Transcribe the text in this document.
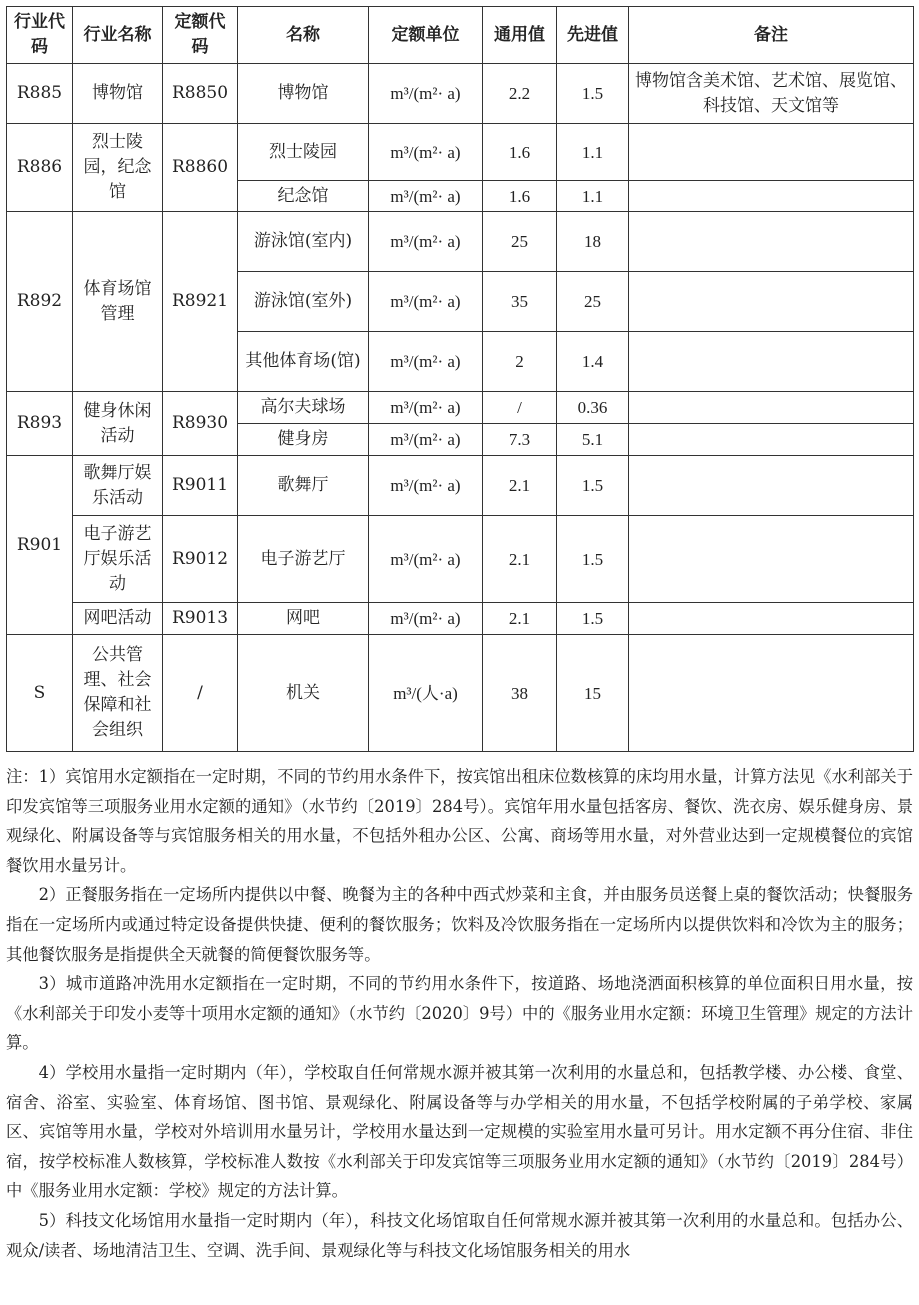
行业代码	行业名称	定额代码	名称	定额单位	通用值	先进值	备注
R885	博物馆	R8850	博物馆	m³/(m²· a)	2.2	1.5	博物馆含美术馆、艺术馆、展览馆、科技馆、天文馆等
R886	烈士陵园，纪念馆	R8860	烈士陵园	m³/(m²· a)	1.6	1.1	
			纪念馆	m³/(m²· a)	1.6	1.1	
R892	体育场馆管理	R8921	游泳馆(室内)	m³/(m²· a)	25	18	
			游泳馆(室外)	m³/(m²· a)	35	25	
			其他体育场(馆)	m³/(m²· a)	2	1.4	
R893	健身休闲活动	R8930	高尔夫球场	m³/(m²· a)	/	0.36	
			健身房	m³/(m²· a)	7.3	5.1	
R901	歌舞厅娱乐活动	R9011	歌舞厅	m³/(m²· a)	2.1	1.5	
	电子游艺厅娱乐活动	R9012	电子游艺厅	m³/(m²· a)	2.1	1.5	
	网吧活动	R9013	网吧	m³/(m²· a)	2.1	1.5	
S	公共管理、社会保障和社会组织	/	机关	m³/(人·a)	38	15	

注：1）宾馆用水定额指在一定时期，不同的节约用水条件下，按宾馆出租床位数核算的床均用水量，计算方法见《水利部关于印发宾馆等三项服务业用水定额的通知》（水节约〔2019〕284号）。宾馆年用水量包括客房、餐饮、洗衣房、娱乐健身房、景观绿化、附属设备等与宾馆服务相关的用水量，不包括外租办公区、公寓、商场等用水量，对外营业达到一定规模餐位的宾馆餐饮用水量另计。

2）正餐服务指在一定场所内提供以中餐、晚餐为主的各种中西式炒菜和主食，并由服务员送餐上桌的餐饮活动；快餐服务指在一定场所内或通过特定设备提供快捷、便利的餐饮服务；饮料及冷饮服务指在一定场所内以提供饮料和冷饮为主的服务；其他餐饮服务是指提供全天就餐的简便餐饮服务等。

3）城市道路冲洗用水定额指在一定时期，不同的节约用水条件下，按道路、场地浇洒面积核算的单位面积日用水量，按《水利部关于印发小麦等十项用水定额的通知》（水节约〔2020〕9号）中的《服务业用水定额：环境卫生管理》规定的方法计算。

4）学校用水量指一定时期内（年），学校取自任何常规水源并被其第一次利用的水量总和，包括教学楼、办公楼、食堂、宿舍、浴室、实验室、体育场馆、图书馆、景观绿化、附属设备等与办学相关的用水量，不包括学校附属的子弟学校、家属区、宾馆等用水量，学校对外培训用水量另计，学校用水量达到一定规模的实验室用水量可另计。用水定额不再分住宿、非住宿，按学校标准人数核算，学校标准人数按《水利部关于印发宾馆等三项服务业用水定额的通知》（水节约〔2019〕284号）中《服务业用水定额：学校》规定的方法计算。

5）科技文化场馆用水量指一定时期内（年），科技文化场馆取自任何常规水源并被其第一次利用的水量总和。包括办公、观众/读者、场地清洁卫生、空调、洗手间、景观绿化等与科技文化场馆服务相关的用水
